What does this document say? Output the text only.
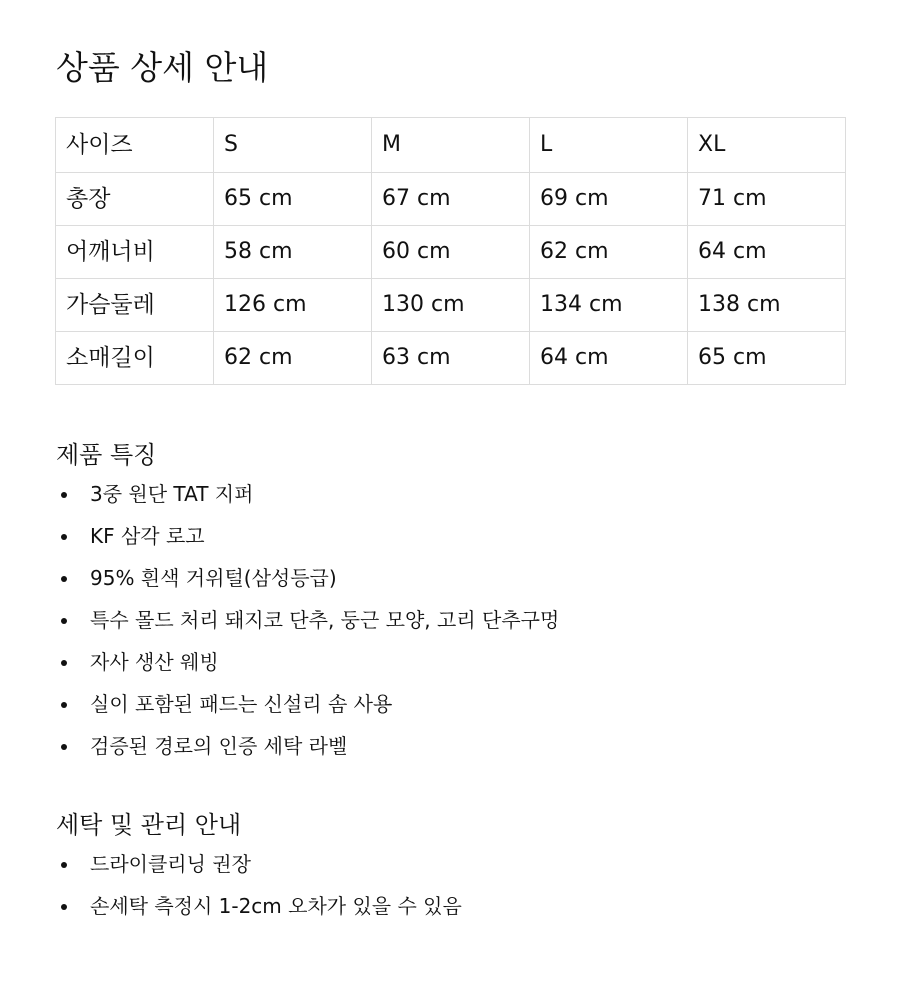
상품 상세 안내
사이즈	S	M	L	XL
총장	65 cm	67 cm	69 cm	71 cm
어깨너비	58 cm	60 cm	62 cm	64 cm
가슴둘레	126 cm	130 cm	134 cm	138 cm
소매길이	62 cm	63 cm	64 cm	65 cm
제품 특징
3중 원단 TAT 지퍼
KF 삼각 로고
95% 흰색 거위털(삼성등급)
특수 몰드 처리 돼지코 단추, 둥근 모양, 고리 단추구멍
자사 생산 웨빙
실이 포함된 패드는 신설리 솜 사용
검증된 경로의 인증 세탁 라벨
세탁 및 관리 안내
드라이클리닝 권장
손세탁 측정시 1-2cm 오차가 있을 수 있음
